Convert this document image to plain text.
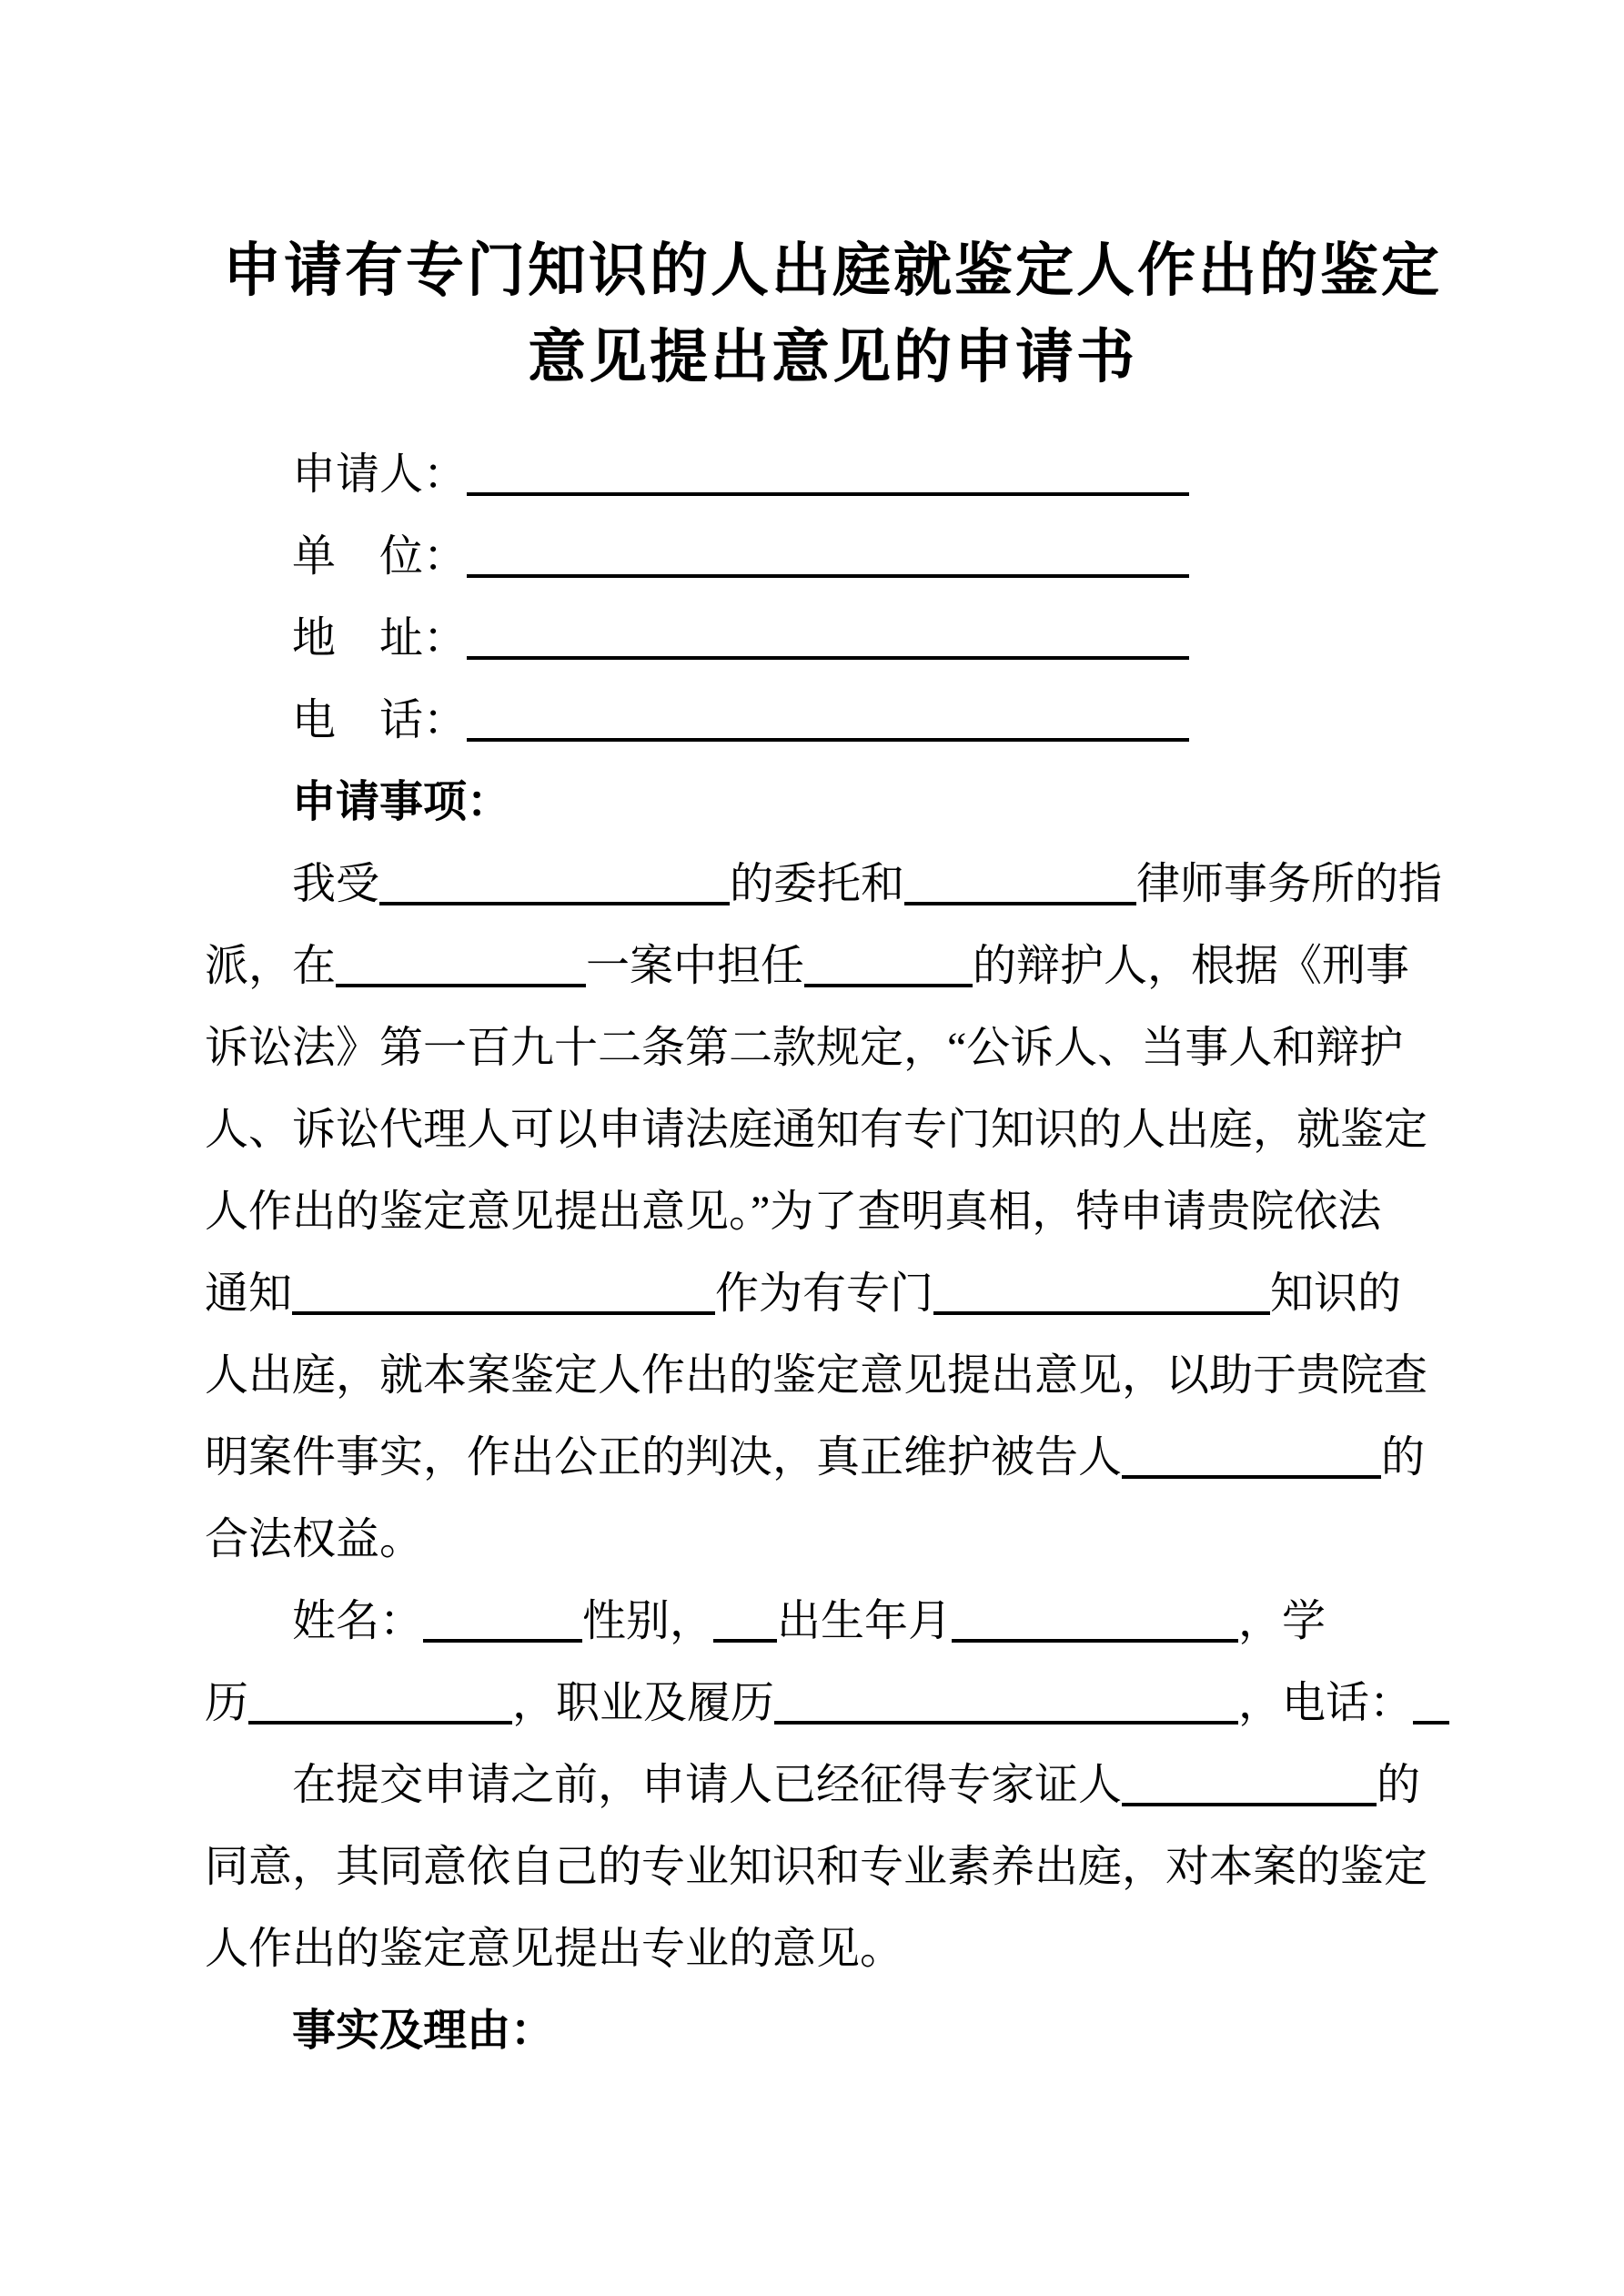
申请有专门知识的人出庭就鉴定人作出的鉴定
意见提出意见的申请书
申请人：
单　位：
地　址：
电　话：
申请事项：
我受	的委托和	律师事务所的指
派，在	一案中担任	的辩护人，根据《刑事
诉讼法》第一百九十二条第二款规定，“公诉人、当事人和辩护
人、诉讼代理人可以申请法庭通知有专门知识的人出庭，就鉴定
人作出的鉴定意见提出意见。”为了查明真相，特申请贵院依法
通知	作为有专门	知识的
人出庭，就本案鉴定人作出的鉴定意见提出意见，以助于贵院查
明案件事实，作出公正的判决，真正维护被告人	的
合法权益。
姓名：	性别， 出生年月	，学
历	，职业及履历	，电话：
在提交申请之前，申请人已经征得专家证人	的
同意，其同意依自己的专业知识和专业素养出庭，对本案的鉴定
人作出的鉴定意见提出专业的意见。
事实及理由：
